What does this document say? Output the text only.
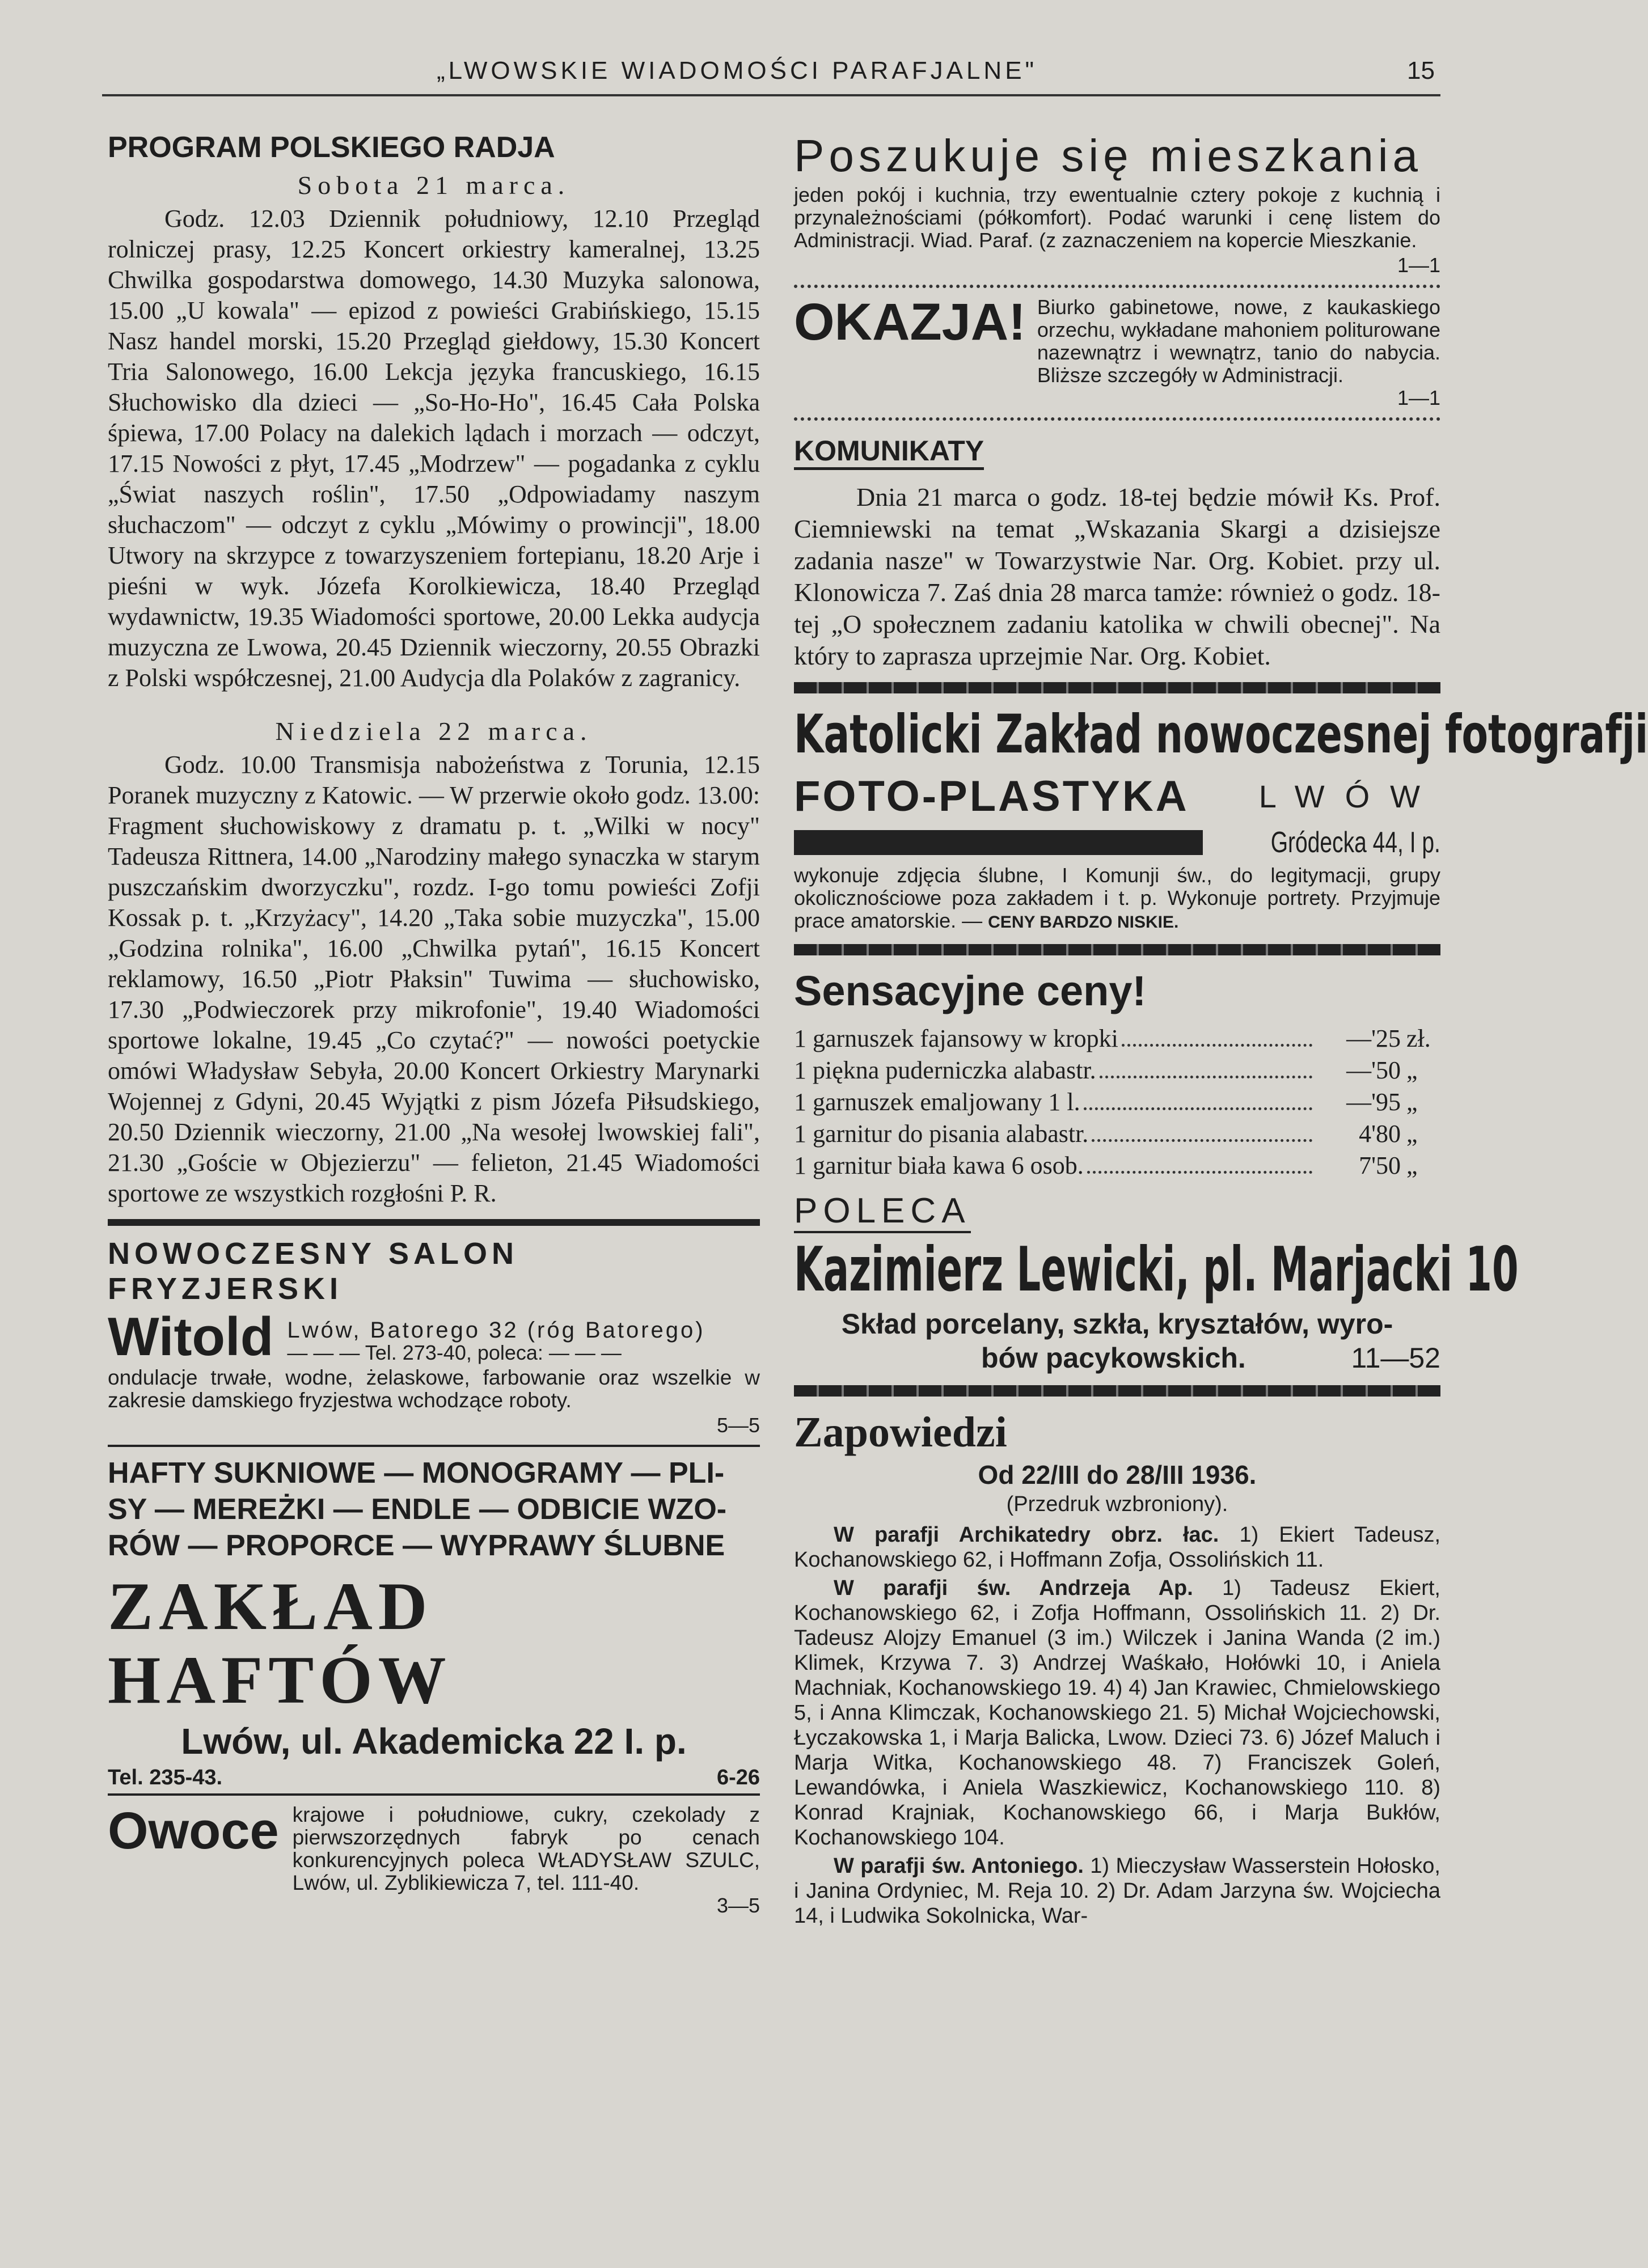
„LWOWSKIE WIADOMOŚCI PARAFJALNE"	15
PROGRAM POLSKIEGO RADJA
Sobota 21 marca.

Godz. 12.03 Dziennik południowy, 12.10 Przegląd rolniczej prasy, 12.25 Koncert orkiestry kameralnej, 13.25 Chwilka gospodarstwa domowego, 14.30 Muzyka salonowa, 15.00 „U kowala" — epizod z powieści Grabińskiego, 15.15 Nasz handel morski, 15.20 Przegląd giełdowy, 15.30 Koncert Tria Salonowego, 16.00 Lekcja języka francuskiego, 16.15 Słuchowisko dla dzieci — „So-Ho-Ho", 16.45 Cała Polska śpiewa, 17.00 Polacy na dalekich lądach i morzach — odczyt, 17.15 Nowości z płyt, 17.45 „Modrzew" — pogadanka z cyklu „Świat naszych roślin", 17.50 „Odpowiadamy naszym słuchaczom" — odczyt z cyklu „Mówimy o prowincji", 18.00 Utwory na skrzypce z towarzyszeniem fortepianu, 18.20 Arje i pieśni w wyk. Józefa Korolkiewicza, 18.40 Przegląd wydawnictw, 19.35 Wiadomości sportowe, 20.00 Lekka audycja muzyczna ze Lwowa, 20.45 Dziennik wieczorny, 20.55 Obrazki z Polski współczesnej, 21.00 Audycja dla Polaków z zagranicy.

Niedziela 22 marca.

Godz. 10.00 Transmisja nabożeństwa z Torunia, 12.15 Poranek muzyczny z Katowic. — W przerwie około godz. 13.00: Fragment słuchowiskowy z dramatu p. t. „Wilki w nocy" Tadeusza Rittnera, 14.00 „Narodziny małego synaczka w starym puszczańskim dworzyczku", rozdz. I-go tomu powieści Zofji Kossak p. t. „Krzyżacy", 14.20 „Taka sobie muzyczka", 15.00 „Godzina rolnika", 16.00 „Chwilka pytań", 16.15 Koncert reklamowy, 16.50 „Piotr Płaksin" Tuwima — słuchowisko, 17.30 „Podwieczorek przy mikrofonie", 19.40 Wiadomości sportowe lokalne, 19.45 „Co czytać?" — nowości poetyckie omówi Władysław Sebyła, 20.00 Koncert Orkiestry Marynarki Wojennej z Gdyni, 20.45 Wyjątki z pism Józefa Piłsudskiego, 20.50 Dziennik wieczorny, 21.00 „Na wesołej lwowskiej fali", 21.30 „Goście w Objezierzu" — felieton, 21.45 Wiadomości sportowe ze wszystkich rozgłośni P. R.

NOWOCZESNY SALON FRYZJERSKI
Witold Lwów, Batorego 32 (róg Batorego)
— — — Tel. 273-40, poleca: — — —

ondulacje trwałe, wodne, żelaskowe, farbowanie oraz wszelkie w zakresie damskiego fryzjestwa wchodzące roboty.

5—5

HAFTY SUKNIOWE — MONOGRAMY — PLI-

SY — MEREŻKI — ENDLE — ODBICIE WZO-

RÓW — PROPORCE — WYPRAWY ŚLUBNE

ZAKŁAD HAFTÓW
Lwów, ul. Akademicka 22 I. p.
Tel. 235-43.	6-26
Owoce krajowe i południowe, cukry, czekolady z pierwszorzędnych fabryk po cenach konkurencyjnych poleca WŁADYSŁAW SZULC, Lwów, ul. Zyblikiewicza 7, tel. 111-40.

3—5

Poszukuje się mieszkania

jeden pokój i kuchnia, trzy ewentualnie cztery pokoje z kuchnią i przynależnościami (półkomfort). Podać warunki i cenę listem do Administracji. Wiad. Paraf. (z zaznaczeniem na kopercie Mieszkanie.

1—1
OKAZJA! Biurko gabinetowe, nowe, z kaukaskiego orzechu, wykładane mahoniem politurowane nazewnątrz i wewnątrz, tanio do nabycia. Bliższe szczegóły w Administracji.

1—1
KOMUNIKATY

Dnia 21 marca o godz. 18-tej będzie mówił Ks. Prof. Ciemniewski na temat „Wskazania Skargi a dzisiejsze zadania nasze" w Towarzystwie Nar. Org. Kobiet. przy ul. Klonowicza 7. Zaś dnia 28 marca tamże: również o godz. 18-tej „O społecznem zadaniu katolika w chwili obecnej". Na który to zaprasza uprzejmie Nar. Org. Kobiet.

Katolicki Zakład nowoczesnej fotografji
FOTO-PLASTYKA LWÓW
Gródecka 44, I p.

wykonuje zdjęcia ślubne, I Komunji św., do legitymacji, grupy okolicznościowe poza zakładem i t. p. Wykonuje portrety. Przyjmuje prace amatorskie. — CENY BARDZO NISKIE.

Sensacyjne ceny!
1 garnuszek fajansowy w kropki	—'25 zł.
1 piękna puderniczka alabastr.	—'50 „
1 garnuszek emaljowany 1 l.	—'95 „
1 garnitur do pisania alabastr.	4'80 „
1 garnitur biała kawa 6 osob.	7'50 „
POLECA
Kazimierz Lewicki, pl. Marjacki 10
Skład porcelany, szkła, kryształów, wyro-
bów pacykowskich.	11—52
Zapowiedzi
Od 22/III do 28/III 1936.
(Przedruk wzbroniony).

W parafji Archikatedry obrz. łac. 1) Ekiert Tadeusz, Kochanowskiego 62, i Hoffmann Zofja, Ossolińskich 11.

W parafji św. Andrzeja Ap. 1) Tadeusz Ekiert, Kochanowskiego 62, i Zofja Hoffmann, Ossolińskich 11. 2) Dr. Tadeusz Alojzy Emanuel (3 im.) Wilczek i Janina Wanda (2 im.) Klimek, Krzywa 7. 3) Andrzej Waśkało, Hołówki 10, i Aniela Machniak, Kochanowskiego 19. 4) 4) Jan Krawiec, Chmielowskiego 5, i Anna Klimczak, Kochanowskiego 21. 5) Michał Wojciechowski, Łyczakowska 1, i Marja Balicka, Lwow. Dzieci 73. 6) Józef Maluch i Marja Witka, Kochanowskiego 48. 7) Franciszek Goleń, Lewandówka, i Aniela Waszkiewicz, Kochanowskiego 110. 8) Konrad Krajniak, Kochanowskiego 66, i Marja Bukłów, Kochanowskiego 104.

W parafji św. Antoniego. 1) Mieczysław Wasserstein Hołosko, i Janina Ordyniec, M. Reja 10. 2) Dr. Adam Jarzyna św. Wojciecha 14, i Ludwika Sokolnicka, War-
